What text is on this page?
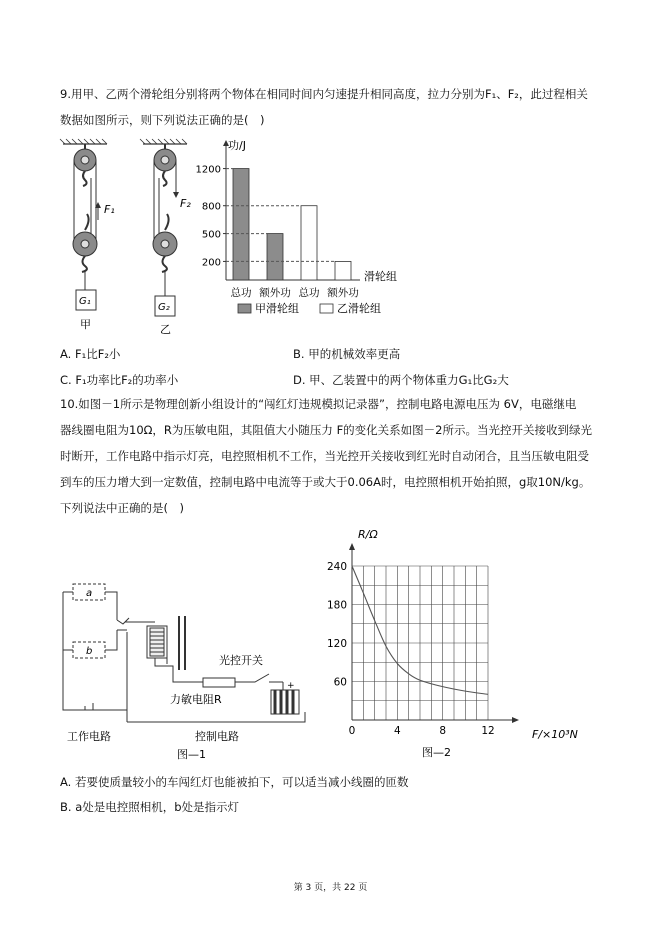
9.用甲、乙两个滑轮组分别将两个物体在相同时间内匀速提升相同高度，拉力分别为F₁、F₂，此过程相关
数据如图所示，则下列说法正确的是(　)
F₁
G₁
甲
F₂
G₂
乙
200
500
800
1200
总功 额外功 总功 额外功
功/J
滑轮组
甲滑轮组	乙滑轮组
A. F₁比F₂小	B. 甲的机械效率更高
C. F₁功率比F₂的功率小	D. 甲、乙装置中的两个物体重力G₁比G₂大
10.如图－1所示是物理创新小组设计的“闯红灯违规模拟记录器”，控制电路电源电压为 6V，电磁继电
器线圈电阻为10Ω，R为压敏电阻，其阻值大小随压力 F的变化关系如图－2所示。当光控开关接收到绿光
时断开，工作电路中指示灯亮，电控照相机不工作，当光控开关接收到红光时自动闭合，且当压敏电阻受
到车的压力增大到一定数值，控制电路中电流等于或大于0.06A时，电控照相机开始拍照，g取10N/kg。
下列说法中正确的是(　)
a
b
力敏电阻R
光控开关
+
工作电路	控制电路
图—1
0	4	8	12
60
120
180
240
R/Ω
F/×10³N
图—2
A. 若要使质量较小的车闯红灯也能被拍下，可以适当减小线圈的匝数
B. a处是电控照相机，b处是指示灯
第 3 页，共 22 页
